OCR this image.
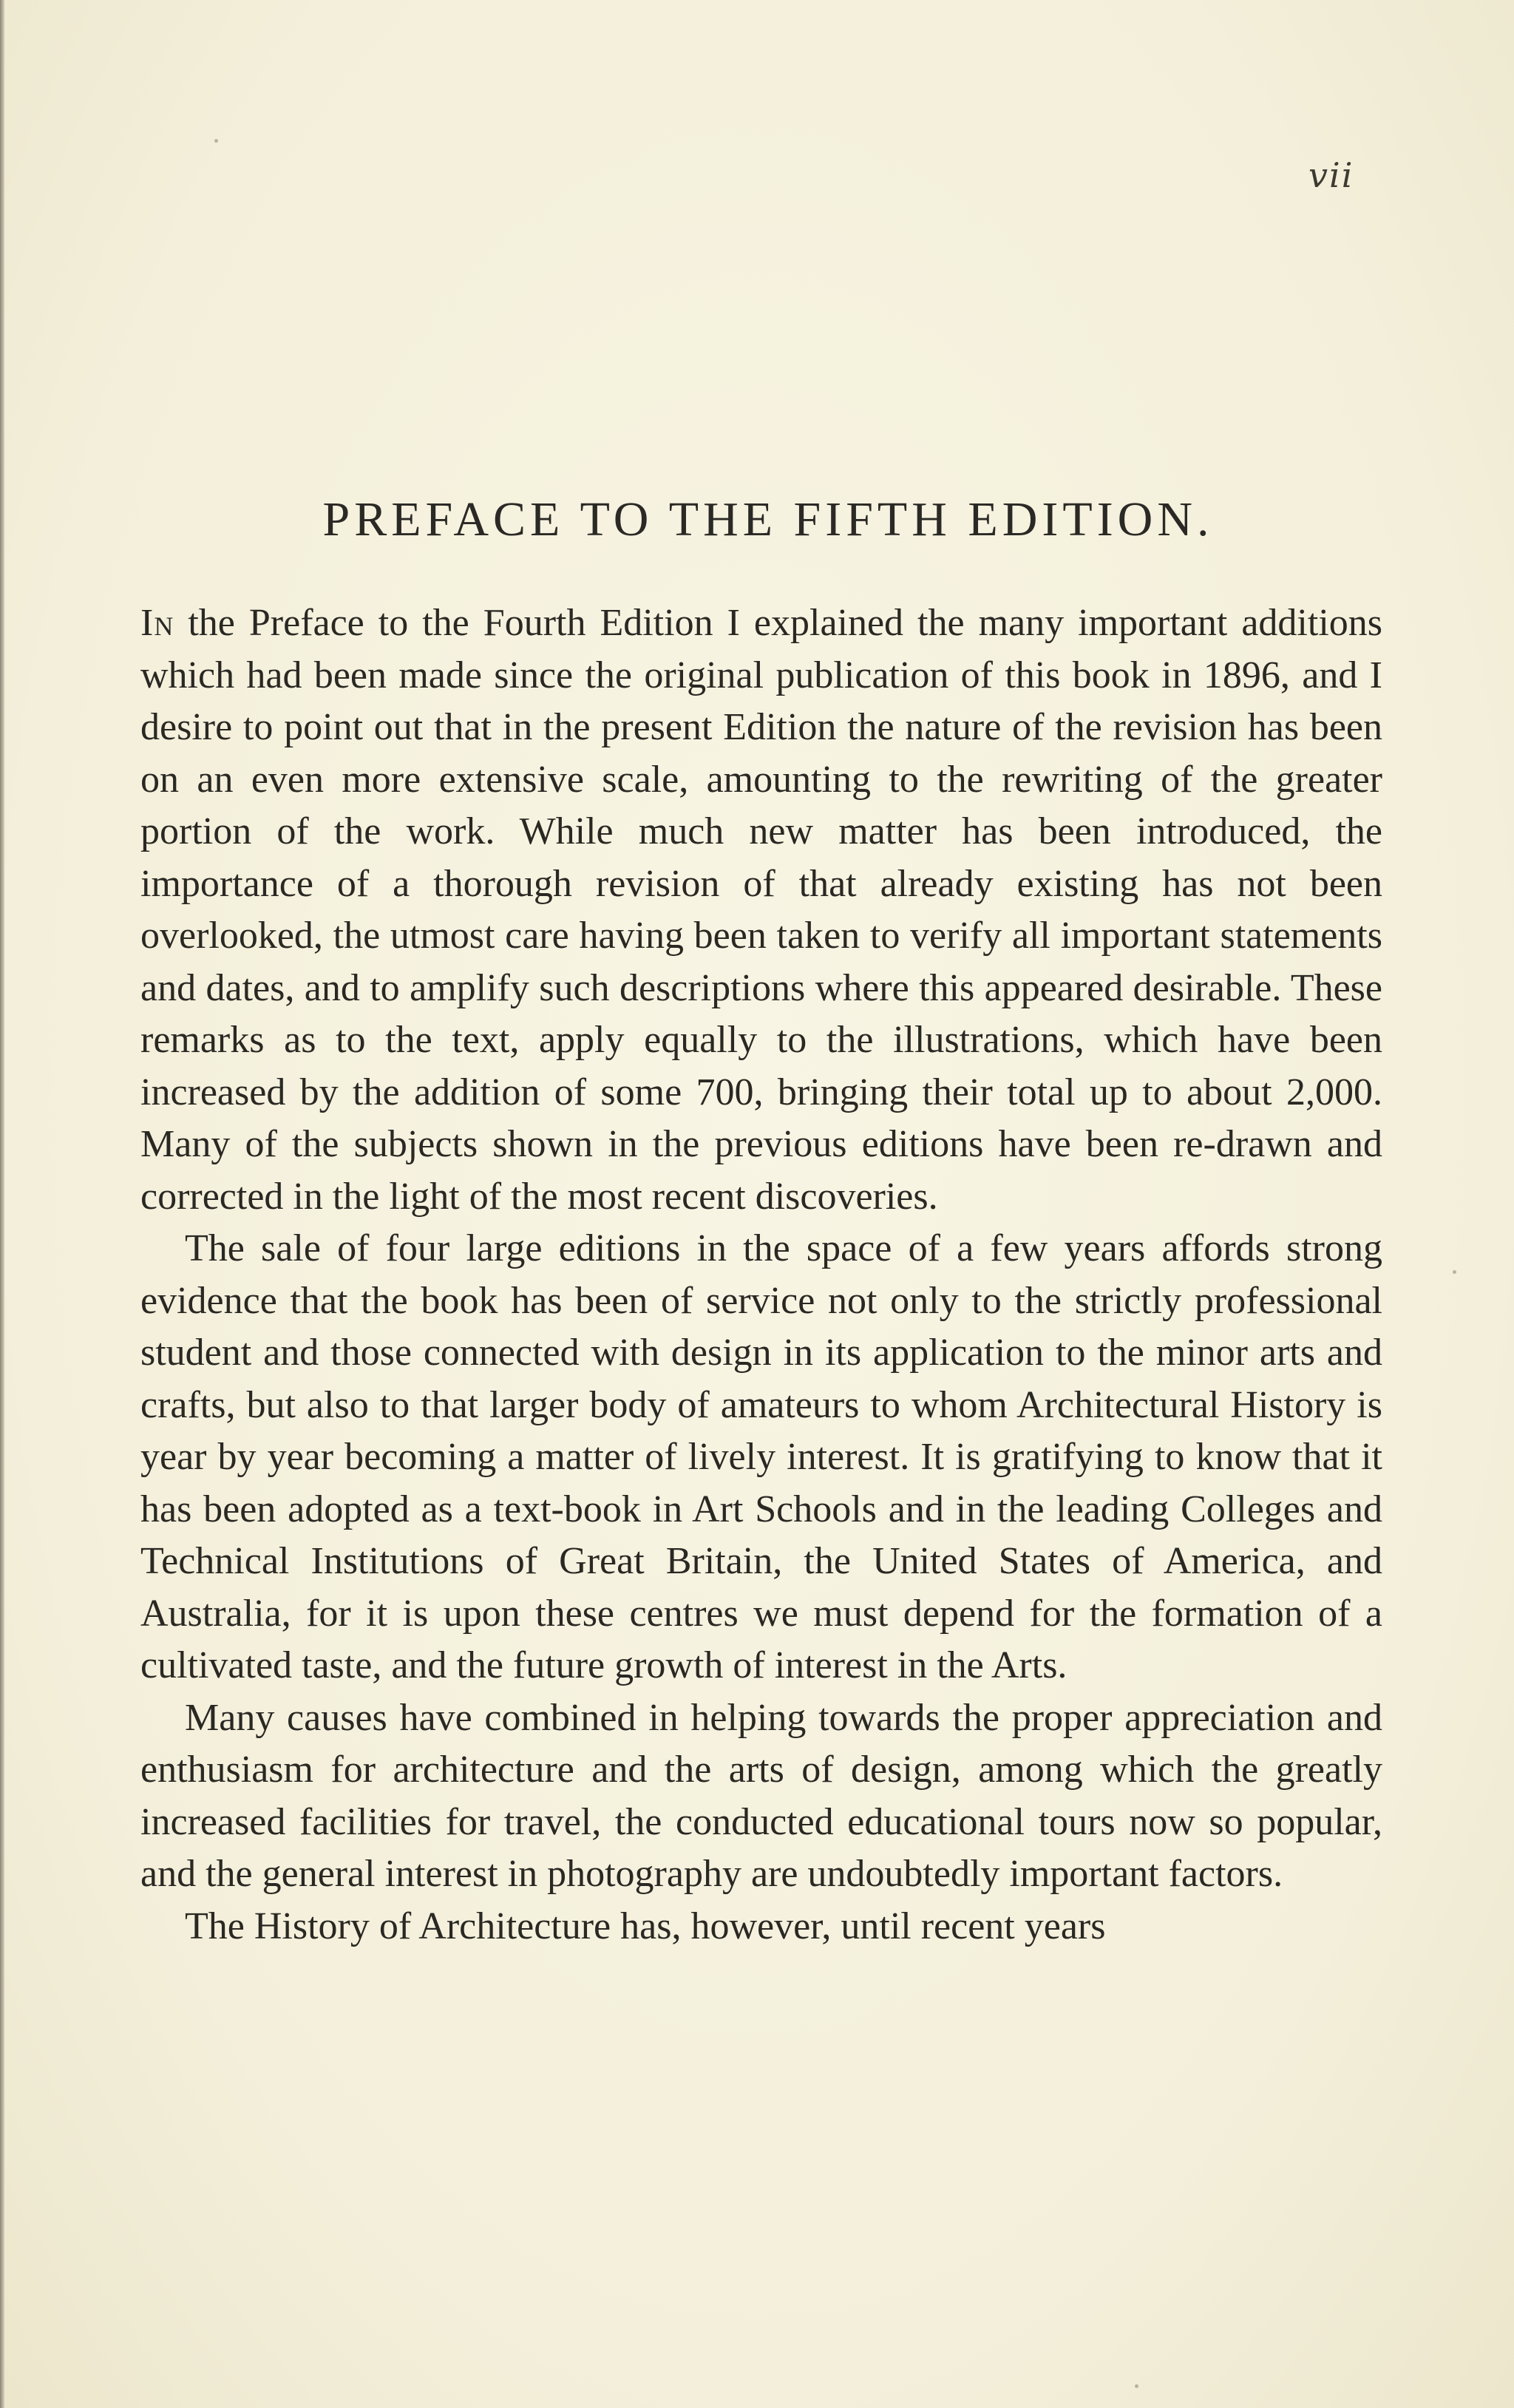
vii
PREFACE TO THE FIFTH EDITION.

In the Preface to the Fourth Edition I explained the many important additions which had been made since the original publication of this book in 1896, and I desire to point out that in the present Edition the nature of the revision has been on an even more extensive scale, amounting to the rewriting of the greater portion of the work. While much new matter has been introduced, the importance of a thorough revision of that already existing has not been overlooked, the utmost care having been taken to verify all important statements and dates, and to amplify such descriptions where this appeared desirable. These remarks as to the text, apply equally to the illustrations, which have been increased by the addition of some 700, bringing their total up to about 2,000. Many of the subjects shown in the previous editions have been re-drawn and corrected in the light of the most recent discoveries.

The sale of four large editions in the space of a few years affords strong evidence that the book has been of service not only to the strictly professional student and those connected with design in its application to the minor arts and crafts, but also to that larger body of amateurs to whom Architectural History is year by year becoming a matter of lively interest. It is gratifying to know that it has been adopted as a text-book in Art Schools and in the leading Colleges and Technical Institutions of Great Britain, the United States of America, and Australia, for it is upon these centres we must depend for the formation of a cultivated taste, and the future growth of interest in the Arts.

Many causes have combined in helping towards the proper appreciation and enthusiasm for architecture and the arts of design, among which the greatly increased facilities for travel, the conducted educational tours now so popular, and the general interest in photography are undoubtedly important factors.

The History of Architecture has, however, until recent years
